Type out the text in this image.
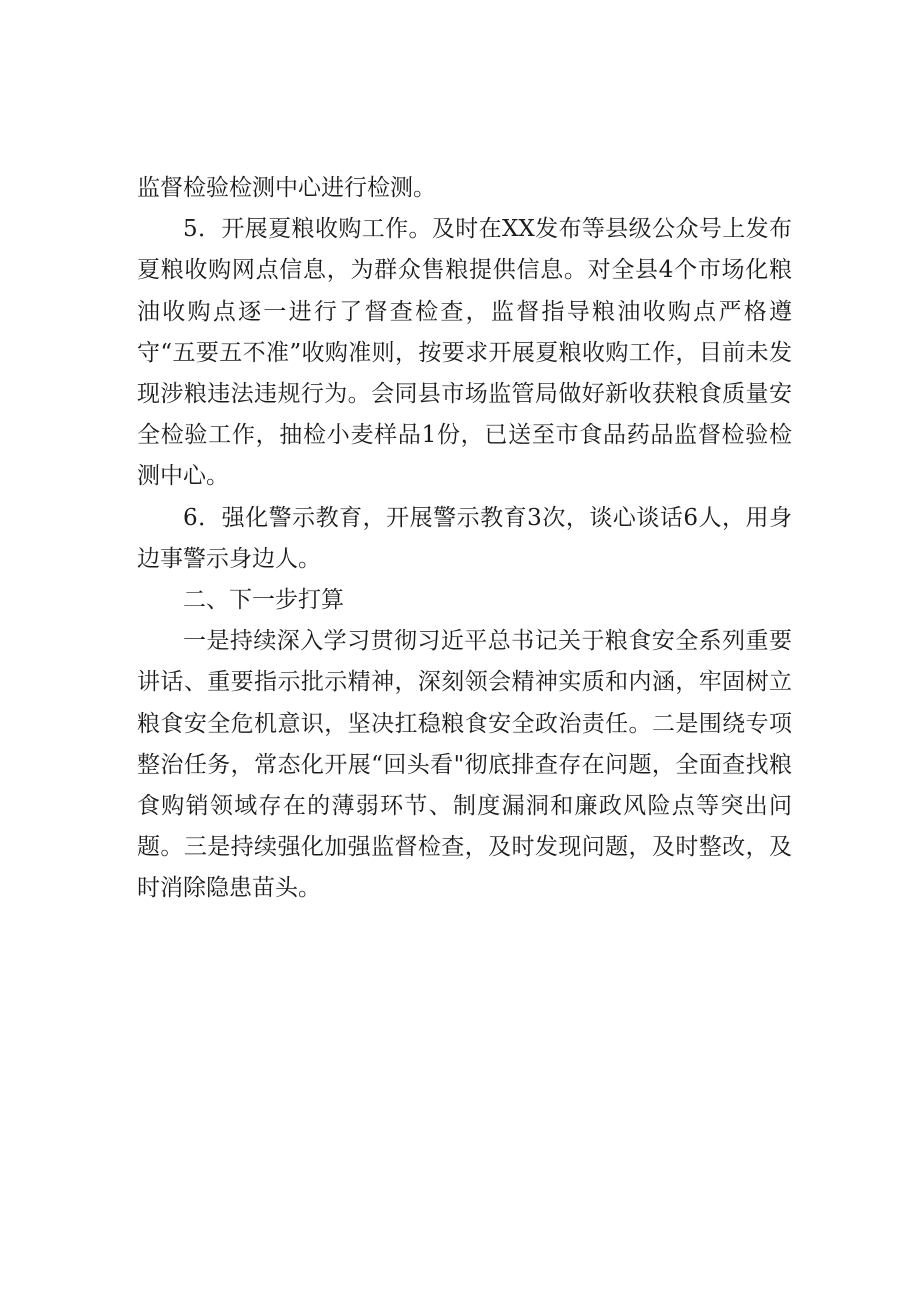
监督检验检测中心进行检测。

5．开展夏粮收购工作。及时在XX发布等县级公众号上发布夏粮收购网点信息，为群众售粮提供信息。对全县4个市场化粮油收购点逐一进行了督查检查，监督指导粮油收购点严格遵守“五要五不准”收购准则，按要求开展夏粮收购工作，目前未发现涉粮违法违规行为。会同县市场监管局做好新收获粮食质量安全检验工作，抽检小麦样品1份，已送至市食品药品监督检验检测中心。

6．强化警示教育，开展警示教育3次，谈心谈话6人，用身边事警示身边人。

二、下一步打算

一是持续深入学习贯彻习近平总书记关于粮食安全系列重要讲话、重要指示批示精神，深刻领会精神实质和内涵，牢固树立粮食安全危机意识，坚决扛稳粮食安全政治责任。二是围绕专项整治任务，常态化开展“回头看"彻底排查存在问题，全面查找粮食购销领域存在的薄弱环节、制度漏洞和廉政风险点等突出问题。三是持续强化加强监督检查，及时发现问题，及时整改，及时消除隐患苗头。
